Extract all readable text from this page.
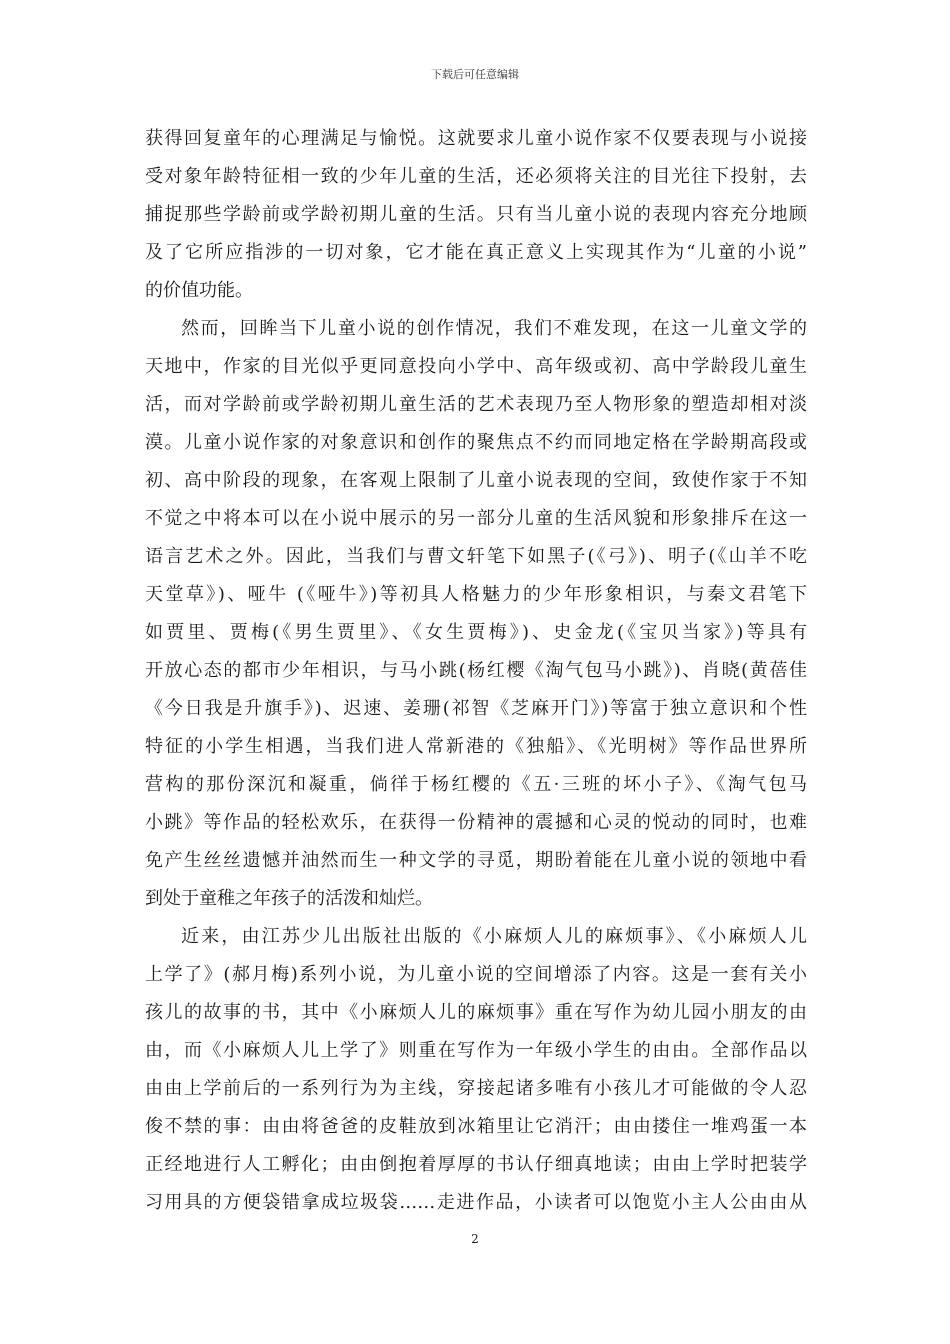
下载后可任意编辑
获得回复童年的心理满足与愉悦。这就要求儿童小说作家不仅要表现与小说接
受对象年龄特征相一致的少年儿童的生活，还必须将关注的目光往下投射，去
捕捉那些学龄前或学龄初期儿童的生活。只有当儿童小说的表现内容充分地顾
及了它所应指涉的一切对象，它才能在真正意义上实现其作为“儿童的小说”
的价值功能。
然而，回眸当下儿童小说的创作情况，我们不难发现，在这一儿童文学的
天地中，作家的目光似乎更同意投向小学中、高年级或初、高中学龄段儿童生
活，而对学龄前或学龄初期儿童生活的艺术表现乃至人物形象的塑造却相对淡
漠。儿童小说作家的对象意识和创作的聚焦点不约而同地定格在学龄期高段或
初、高中阶段的现象，在客观上限制了儿童小说表现的空间，致使作家于不知
不觉之中将本可以在小说中展示的另一部分儿童的生活风貌和形象排斥在这一
语言艺术之外。因此，当我们与曹文轩笔下如黑子(《弓》)、明子(《山羊不吃
天堂草》)、哑牛 (《哑牛》)等初具人格魅力的少年形象相识，与秦文君笔下
如贾里、贾梅(《男生贾里》、《女生贾梅》)、史金龙(《宝贝当家》)等具有
开放心态的都市少年相识，与马小跳(杨红樱《淘气包马小跳》)、肖晓(黄蓓佳
《今日我是升旗手》)、迟速、姜珊(祁智《芝麻开门》)等富于独立意识和个性
特征的小学生相遇，当我们进人常新港的《独船》、《光明树》等作品世界所
营构的那份深沉和凝重，倘徉于杨红樱的《五·三班的坏小子》、《淘气包马
小跳》等作品的轻松欢乐，在获得一份精神的震撼和心灵的悦动的同时，也难
免产生丝丝遗憾并油然而生一种文学的寻觅，期盼着能在儿童小说的领地中看
到处于童稚之年孩子的活泼和灿烂。
近来，由江苏少儿出版社出版的《小麻烦人儿的麻烦事》、《小麻烦人儿
上学了》(郝月梅)系列小说，为儿童小说的空间增添了内容。这是一套有关小
孩儿的故事的书，其中《小麻烦人儿的麻烦事》重在写作为幼儿园小朋友的由
由，而《小麻烦人儿上学了》则重在写作为一年级小学生的由由。全部作品以
由由上学前后的一系列行为为主线，穿接起诸多唯有小孩儿才可能做的令人忍
俊不禁的事：由由将爸爸的皮鞋放到冰箱里让它消汗；由由搂住一堆鸡蛋一本
正经地进行人工孵化；由由倒抱着厚厚的书认仔细真地读；由由上学时把装学
习用具的方便袋错拿成垃圾袋……走进作品，小读者可以饱览小主人公由由从
2
